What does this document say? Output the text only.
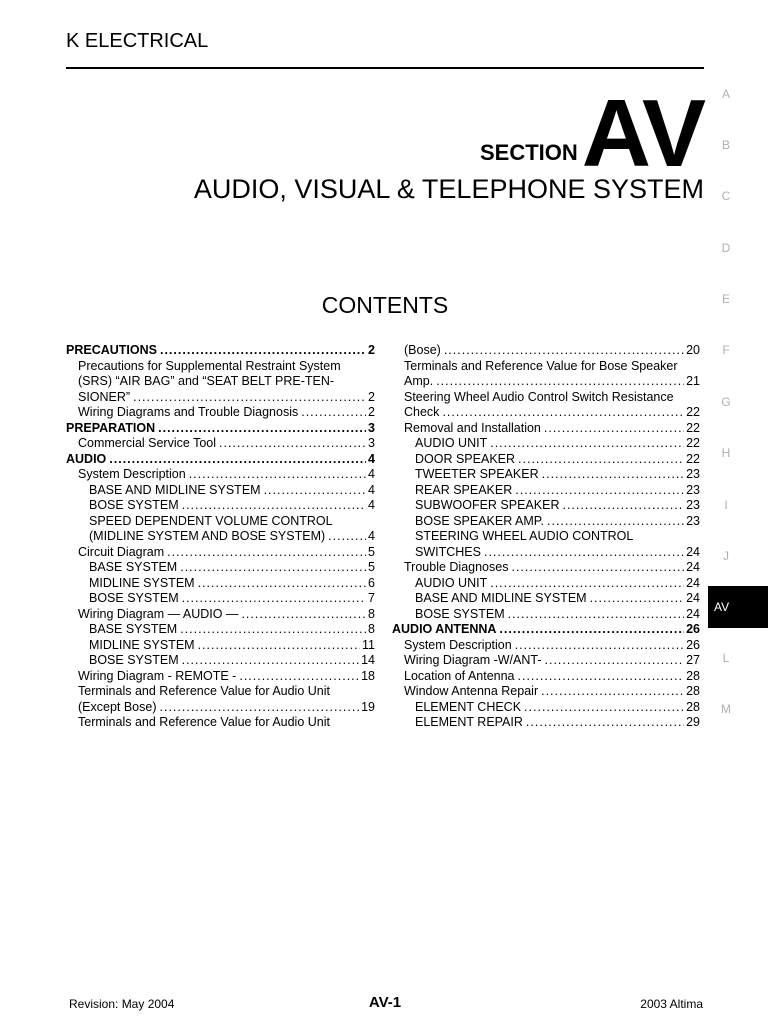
K ELECTRICAL
SECTION AV
AUDIO, VISUAL & TELEPHONE SYSTEM
CONTENTS
PRECAUTIONS .....	2
Precautions for Supplemental Restraint System
(SRS) “AIR BAG” and “SEAT BELT PRE-TEN-
SIONER” .....	2
Wiring Diagrams and Trouble Diagnosis .....	2
PREPARATION .....	3
Commercial Service Tool .....	3
AUDIO .....	4
System Description .....	4
BASE AND MIDLINE SYSTEM .....	4
BOSE SYSTEM .....	4
SPEED DEPENDENT VOLUME CONTROL
(MIDLINE SYSTEM AND BOSE SYSTEM) .....	4
Circuit Diagram .....	5
BASE SYSTEM .....	5
MIDLINE SYSTEM .....	6
BOSE SYSTEM .....	7
Wiring Diagram — AUDIO — .....	8
BASE SYSTEM .....	8
MIDLINE SYSTEM .....	11
BOSE SYSTEM .....	14
Wiring Diagram - REMOTE - .....	18
Terminals and Reference Value for Audio Unit
(Except Bose) .....	19
Terminals and Reference Value for Audio Unit
(Bose) .....	20
Terminals and Reference Value for Bose Speaker
Amp. .....	21
Steering Wheel Audio Control Switch Resistance
Check .....	22
Removal and Installation .....	22
AUDIO UNIT .....	22
DOOR SPEAKER .....	22
TWEETER SPEAKER .....	23
REAR SPEAKER .....	23
SUBWOOFER SPEAKER .....	23
BOSE SPEAKER AMP. .....	23
STEERING WHEEL AUDIO CONTROL
SWITCHES .....	24
Trouble Diagnoses .....	24
AUDIO UNIT .....	24
BASE AND MIDLINE SYSTEM .....	24
BOSE SYSTEM .....	24
AUDIO ANTENNA .....	26
System Description .....	26
Wiring Diagram -W/ANT- .....	27
Location of Antenna .....	28
Window Antenna Repair .....	28
ELEMENT CHECK .....	28
ELEMENT REPAIR .....	29
AV
A
B
C
D
E
F
G
H
I
J
L
M
Revision: May 2004	AV-1	2003 Altima
